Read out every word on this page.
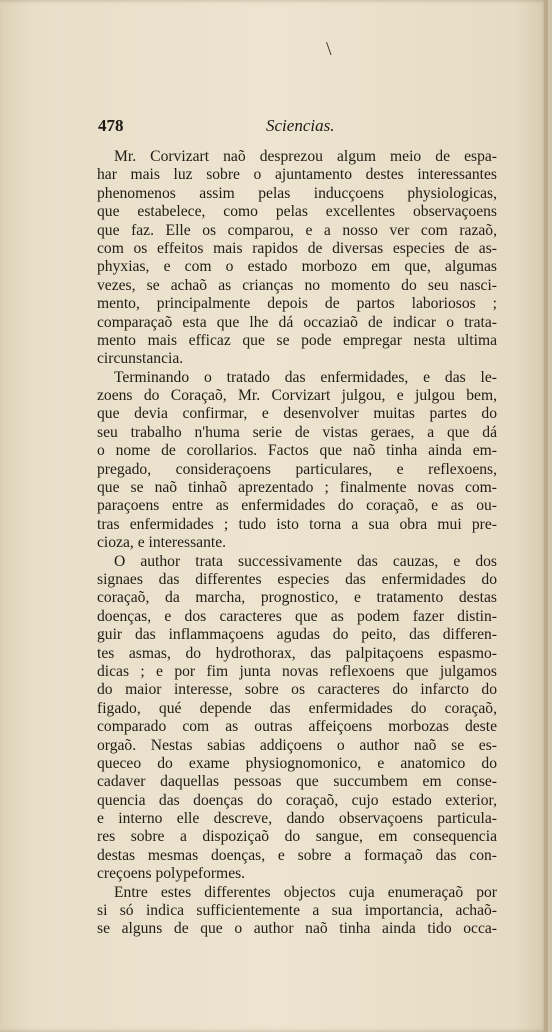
\
478	Sciencias.
Mr. Corvizart naõ desprezou algum meio de espa-
har mais luz sobre o ajuntamento destes interessantes
phenomenos assim pelas inducçoens physiologicas,
que estabelece, como pelas excellentes observaçoens
que faz. Elle os comparou, e a nosso ver com razaõ,
com os effeitos mais rapidos de diversas especies de as-
phyxias, e com o estado morbozo em que, algumas
vezes, se achaõ as crianças no momento do seu nasci-
mento, principalmente depois de partos laboriosos ;
comparaçaõ esta que lhe dá occaziaõ de indicar o trata-
mento mais efficaz que se pode empregar nesta ultima
circunstancia.
Terminando o tratado das enfermidades, e das le-
zoens do Coraçaõ, Mr. Corvizart julgou, e julgou bem,
que devia confirmar, e desenvolver muitas partes do
seu trabalho n'huma serie de vistas geraes, a que dá
o nome de corollarios. Factos que naõ tinha ainda em-
pregado, consideraçoens particulares, e reflexoens,
que se naõ tinhaõ aprezentado ; finalmente novas com-
paraçoens entre as enfermidades do coraçaõ, e as ou-
tras enfermidades ; tudo isto torna a sua obra mui pre-
cioza, e interessante.
O author trata successivamente das cauzas, e dos
signaes das differentes especies das enfermidades do
coraçaõ, da marcha, prognostico, e tratamento destas
doenças, e dos caracteres que as podem fazer distin-
guir das inflammaçoens agudas do peito, das differen-
tes asmas, do hydrothorax, das palpitaçoens espasmo-
dicas ; e por fim junta novas reflexoens que julgamos
do maior interesse, sobre os caracteres do infarcto do
figado, qué depende das enfermidades do coraçaõ,
comparado com as outras affeiçoens morbozas deste
orgaõ. Nestas sabias addiçoens o author naõ se es-
queceo do exame physiognomonico, e anatomico do
cadaver daquellas pessoas que succumbem em conse-
quencia das doenças do coraçaõ, cujo estado exterior,
e interno elle descreve, dando observaçoens particula-
res sobre a dispoziçaõ do sangue, em consequencia
destas mesmas doenças, e sobre a formaçaõ das con-
creçoens polypeformes.
Entre estes differentes objectos cuja enumeraçaõ por
si só indica sufficientemente a sua importancia, achaõ-
se alguns de que o author naõ tinha ainda tido occa-
